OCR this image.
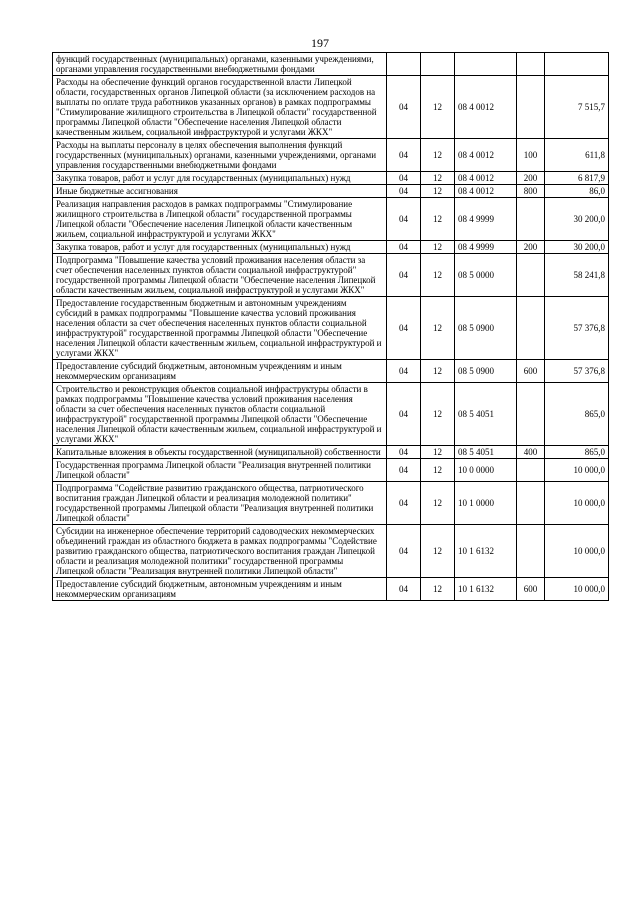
197
функций государственных (муниципальных) органами, казенными учреждениями, органами управления государственными внебюджетными фондами					
Расходы на обеспечение функций органов государственной власти Липецкой области, государственных органов Липецкой области (за исключением расходов на выплаты по оплате труда работников указанных органов) в рамках подпрограммы "Стимулирование жилищного строительства в Липецкой области" государственной программы Липецкой области "Обеспечение населения Липецкой области качественным жильем, социальной инфраструктурой и услугами ЖКХ"	04	12	08 4 0012		7 515,7
Расходы на выплаты персоналу в целях обеспечения выполнения функций государственных (муниципальных) органами, казенными учреждениями, органами управления государственными внебюджетными фондами	04	12	08 4 0012	100	611,8
Закупка товаров, работ и услуг для государственных (муниципальных) нужд	04	12	08 4 0012	200	6 817,9
Иные бюджетные ассигнования	04	12	08 4 0012	800	86,0
Реализация направления расходов в рамках подпрограммы "Стимулирование жилищного строительства в Липецкой области" государственной программы Липецкой области "Обеспечение населения Липецкой области качественным жильем, социальной инфраструктурой и услугами ЖКХ"	04	12	08 4 9999		30 200,0
Закупка товаров, работ и услуг для государственных (муниципальных) нужд	04	12	08 4 9999	200	30 200,0
Подпрограмма "Повышение качества условий проживания населения области за счет обеспечения населенных пунктов области социальной инфраструктурой" государственной программы Липецкой области "Обеспечение населения Липецкой области качественным жильем, социальной инфраструктурой и услугами ЖКХ"	04	12	08 5 0000		58 241,8
Предоставление государственным бюджетным и автономным учреждениям субсидий в рамках подпрограммы "Повышение качества условий проживания населения области за счет обеспечения населенных пунктов области социальной инфраструктурой" государственной программы Липецкой области "Обеспечение населения Липецкой области качественным жильем, социальной инфраструктурой и услугами ЖКХ"	04	12	08 5 0900		57 376,8
Предоставление субсидий бюджетным, автономным учреждениям и иным некоммерческим организациям	04	12	08 5 0900	600	57 376,8
Строительство и реконструкция объектов социальной инфраструктуры области в рамках подпрограммы "Повышение качества условий проживания населения области за счет обеспечения населенных пунктов области социальной инфраструктурой" государственной программы Липецкой области "Обеспечение населения Липецкой области качественным жильем, социальной инфраструктурой и услугами ЖКХ"	04	12	08 5 4051		865,0
Капитальные вложения в объекты государственной (муниципальной) собственности	04	12	08 5 4051	400	865,0
Государственная программа Липецкой области "Реализация внутренней политики Липецкой области"	04	12	10 0 0000		10 000,0
Подпрограмма "Содействие развитию гражданского общества, патриотического воспитания граждан Липецкой области и реализация молодежной политики" государственной программы Липецкой области "Реализация внутренней политики Липецкой области"	04	12	10 1 0000		10 000,0
Субсидии на инженерное обеспечение территорий садоводческих некоммерческих объединений граждан из областного бюджета в рамках подпрограммы "Содействие развитию гражданского общества, патриотического воспитания граждан Липецкой области и реализация молодежной политики" государственной программы Липецкой области "Реализация внутренней политики Липецкой области"	04	12	10 1 6132		10 000,0
Предоставление субсидий бюджетным, автономным учреждениям и иным некоммерческим организациям	04	12	10 1 6132	600	10 000,0
